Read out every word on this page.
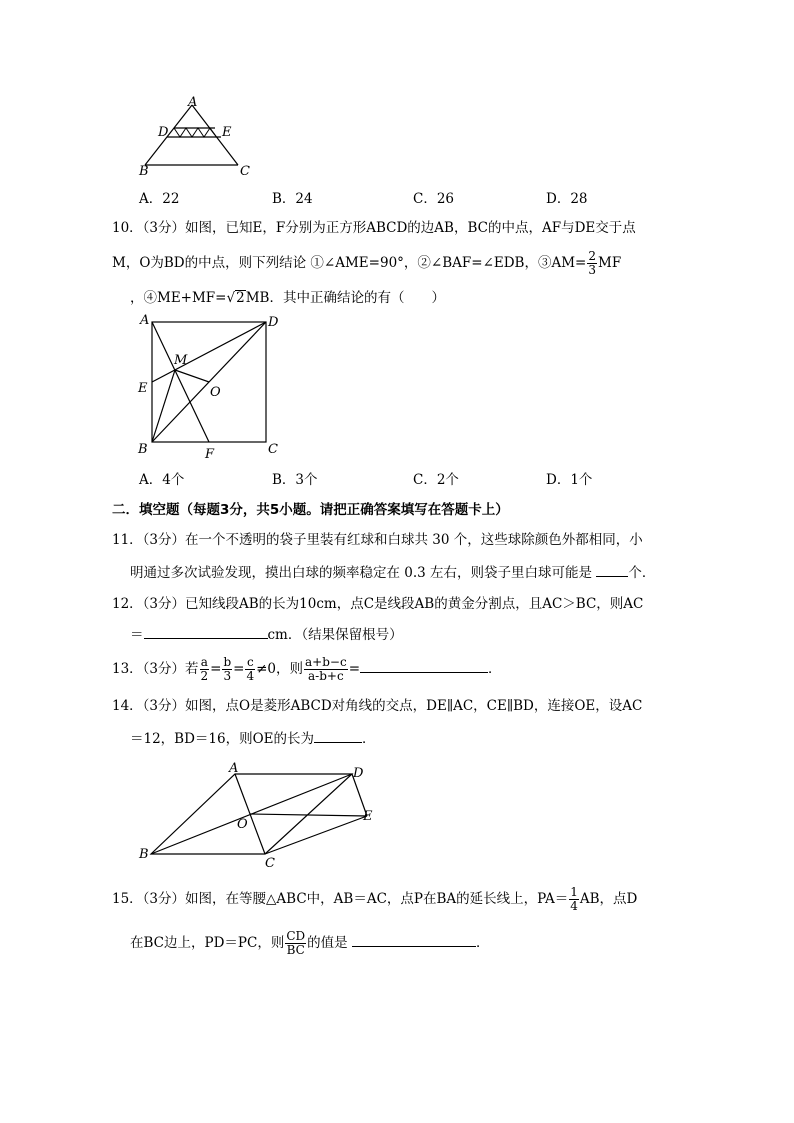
A
D	E
B	C
A．22	B．24	C．26	D．28
10．（3分）如图，已知E，F分别为正方形ABCD的边AB，BC的中点，AF与DE交于点
M，O为BD的中点，则下列结论 ①∠AME=90°，②∠BAF=∠EDB，③AM= $\frac{2}{3}$ MF
，④ME+MF=√2MB．其中正确结论的有（　　）
A	D
E
M
O
B	C
F
A．4个	B．3个	C．2个	D．1个
二．填空题（每题3分，共5小题。请把正确答案填写在答题卡上）
11．（3分）在一个不透明的袋子里装有红球和白球共 30 个，这些球除颜色外都相同，小
明通过多次试验发现，摸出白球的频率稳定在 0.3 左右，则袋子里白球可能是 个．
12．（3分）已知线段AB的长为10cm，点C是线段AB的黄金分割点，且AC＞BC，则AC
＝	cm．（结果保留根号）
13．（3分）若 $\frac{a}{2} = \frac{b}{3} = \frac{c}{4} \ne 0$，则 $\frac{a+b-c}{a-b+c}$ =	．
14．（3分）如图，点O是菱形ABCD对角线的交点，DE∥AC，CE∥BD，连接OE，设AC
＝12，BD＝16，则OE的长为	．
A	D
E
O
B
C
15．（3分）如图，在等腰△ABC中，AB＝AC，点P在BA的延长线上，$PA= \frac{1}{4}$ AB，点D
在BC边上，PD＝PC，则 $\frac{CD}{BC}$ 的值是	．
